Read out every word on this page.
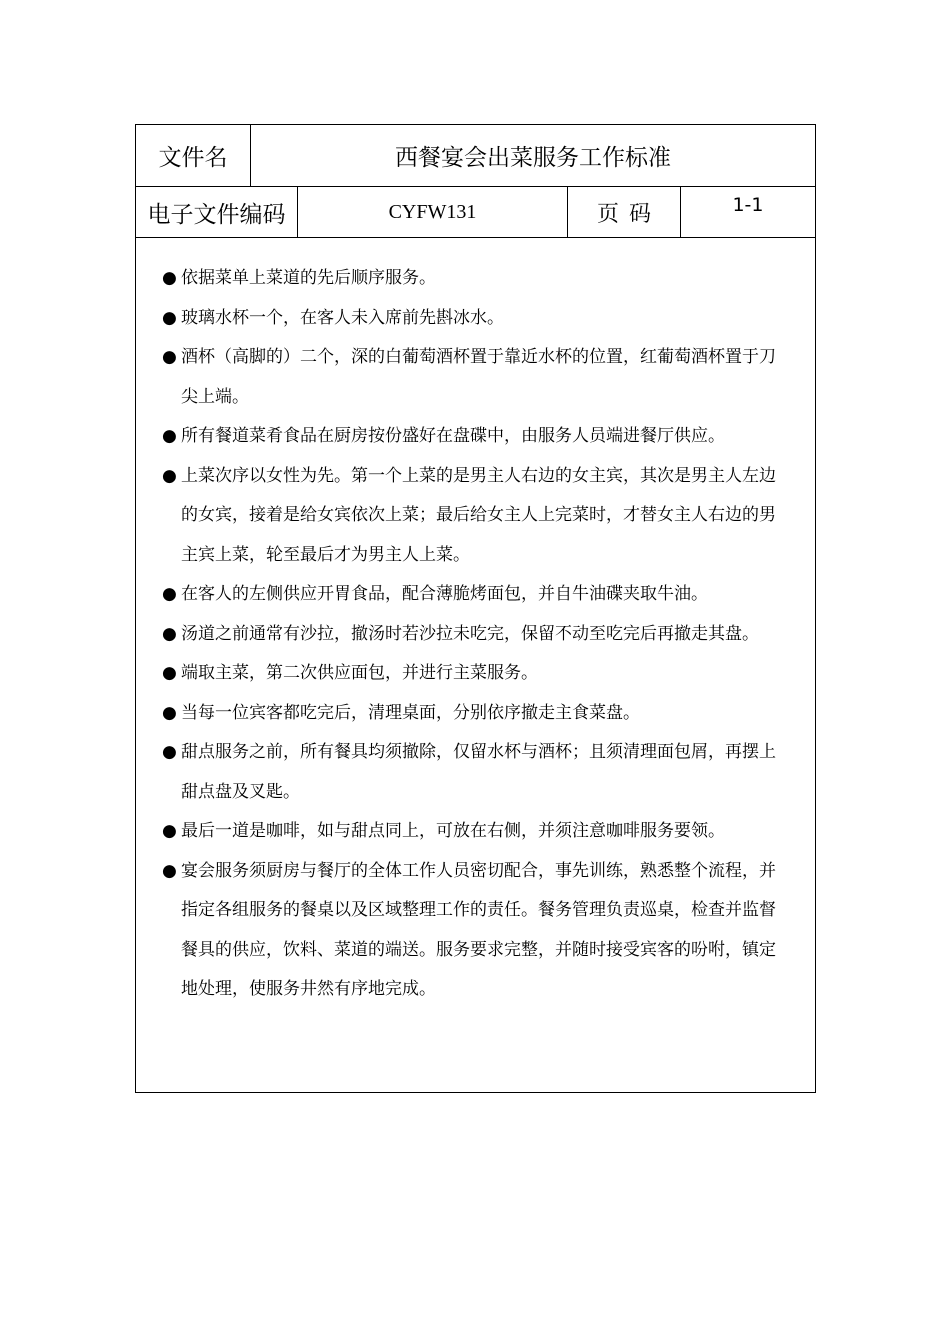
文件名	西餐宴会出菜服务工作标准
电子文件编码	CYFW131	页码	1-1
● 依据菜单上菜道的先后顺序服务。
● 玻璃水杯一个，在客人未入席前先斟冰水。
● 酒杯（高脚的）二个，深的白葡萄酒杯置于靠近水杯的位置，红葡萄酒杯置于刀尖上端。
● 所有餐道菜肴食品在厨房按份盛好在盘碟中，由服务人员端进餐厅供应。
● 上菜次序以女性为先。第一个上菜的是男主人右边的女主宾，其次是男主人左边的女宾，接着是给女宾依次上菜；最后给女主人上完菜时，才替女主人右边的男主宾上菜，轮至最后才为男主人上菜。
● 在客人的左侧供应开胃食品，配合薄脆烤面包，并自牛油碟夹取牛油。
● 汤道之前通常有沙拉，撤汤时若沙拉未吃完，保留不动至吃完后再撤走其盘。
● 端取主菜，第二次供应面包，并进行主菜服务。
● 当每一位宾客都吃完后，清理桌面，分别依序撤走主食菜盘。
● 甜点服务之前，所有餐具均须撤除，仅留水杯与酒杯；且须清理面包屑，再摆上甜点盘及叉匙。
● 最后一道是咖啡，如与甜点同上，可放在右侧，并须注意咖啡服务要领。
● 宴会服务须厨房与餐厅的全体工作人员密切配合，事先训练，熟悉整个流程，并指定各组服务的餐桌以及区域整理工作的责任。餐务管理负责巡桌，检查并监督餐具的供应，饮料、菜道的端送。服务要求完整，并随时接受宾客的吩咐，镇定地处理，使服务井然有序地完成。
